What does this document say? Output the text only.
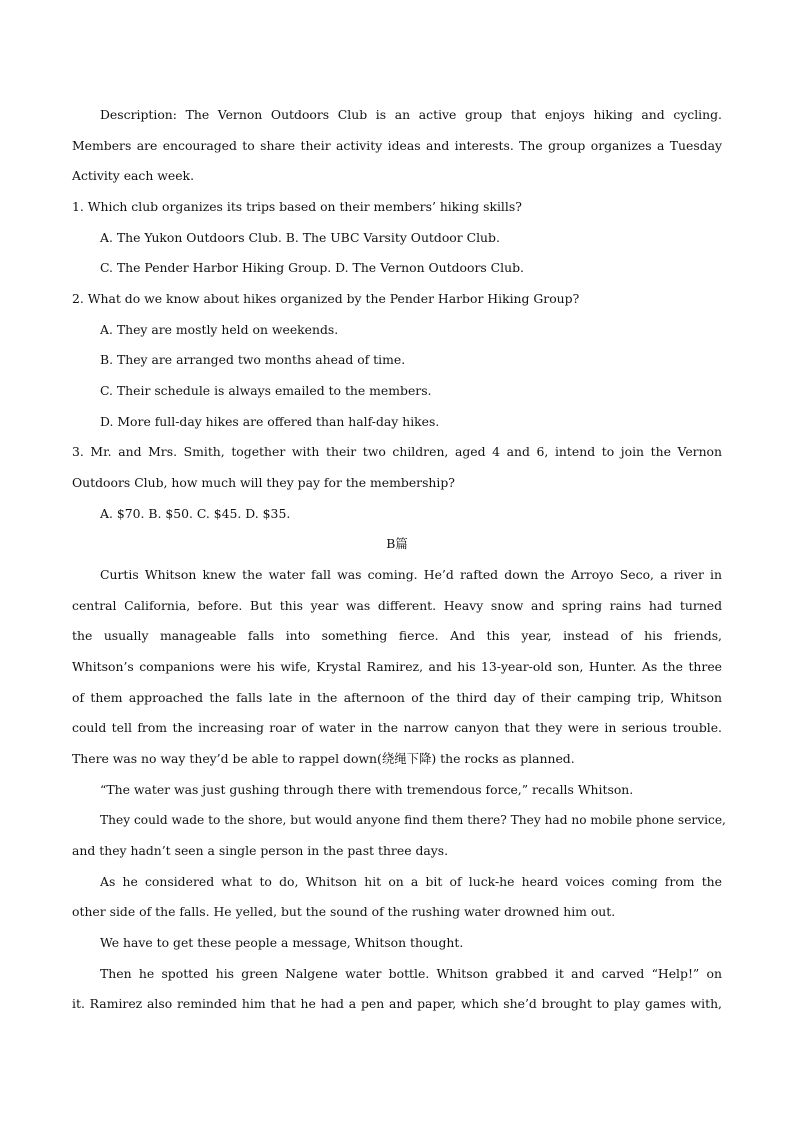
Description: The Vernon Outdoors Club is an active group that enjoys hiking and cycling.
Members are encouraged to share their activity ideas and interests. The group organizes a Tuesday
Activity each week.
1. Which club organizes its trips based on their members’ hiking skills?
A. The Yukon Outdoors Club. B. The UBC Varsity Outdoor Club.
C. The Pender Harbor Hiking Group. D. The Vernon Outdoors Club.
2. What do we know about hikes organized by the Pender Harbor Hiking Group?
A. They are mostly held on weekends.
B. They are arranged two months ahead of time.
C. Their schedule is always emailed to the members.
D. More full-day hikes are offered than half-day hikes.
3. Mr. and Mrs. Smith, together with their two children, aged 4 and 6, intend to join the Vernon
Outdoors Club, how much will they pay for the membership?
A. $70. B. $50. C. $45. D. $35.
B篇
Curtis Whitson knew the water fall was coming. He’d rafted down the Arroyo Seco, a river in
central California, before. But this year was different. Heavy snow and spring rains had turned
the usually manageable falls into something fierce. And this year, instead of his friends,
Whitson’s companions were his wife, Krystal Ramirez, and his 13-year-old son, Hunter. As the three
of them approached the falls late in the afternoon of the third day of their camping trip, Whitson
could tell from the increasing roar of water in the narrow canyon that they were in serious trouble.
There was no way they’d be able to rappel down(绕绳下降) the rocks as planned.
“The water was just gushing through there with tremendous force,” recalls Whitson.
They could wade to the shore, but would anyone find them there? They had no mobile phone service,
and they hadn’t seen a single person in the past three days.
As he considered what to do, Whitson hit on a bit of luck-he heard voices coming from the
other side of the falls. He yelled, but the sound of the rushing water drowned him out.
We have to get these people a message, Whitson thought.
Then he spotted his green Nalgene water bottle. Whitson grabbed it and carved “Help!” on
it. Ramirez also reminded him that he had a pen and paper, which she’d brought to play games with,
